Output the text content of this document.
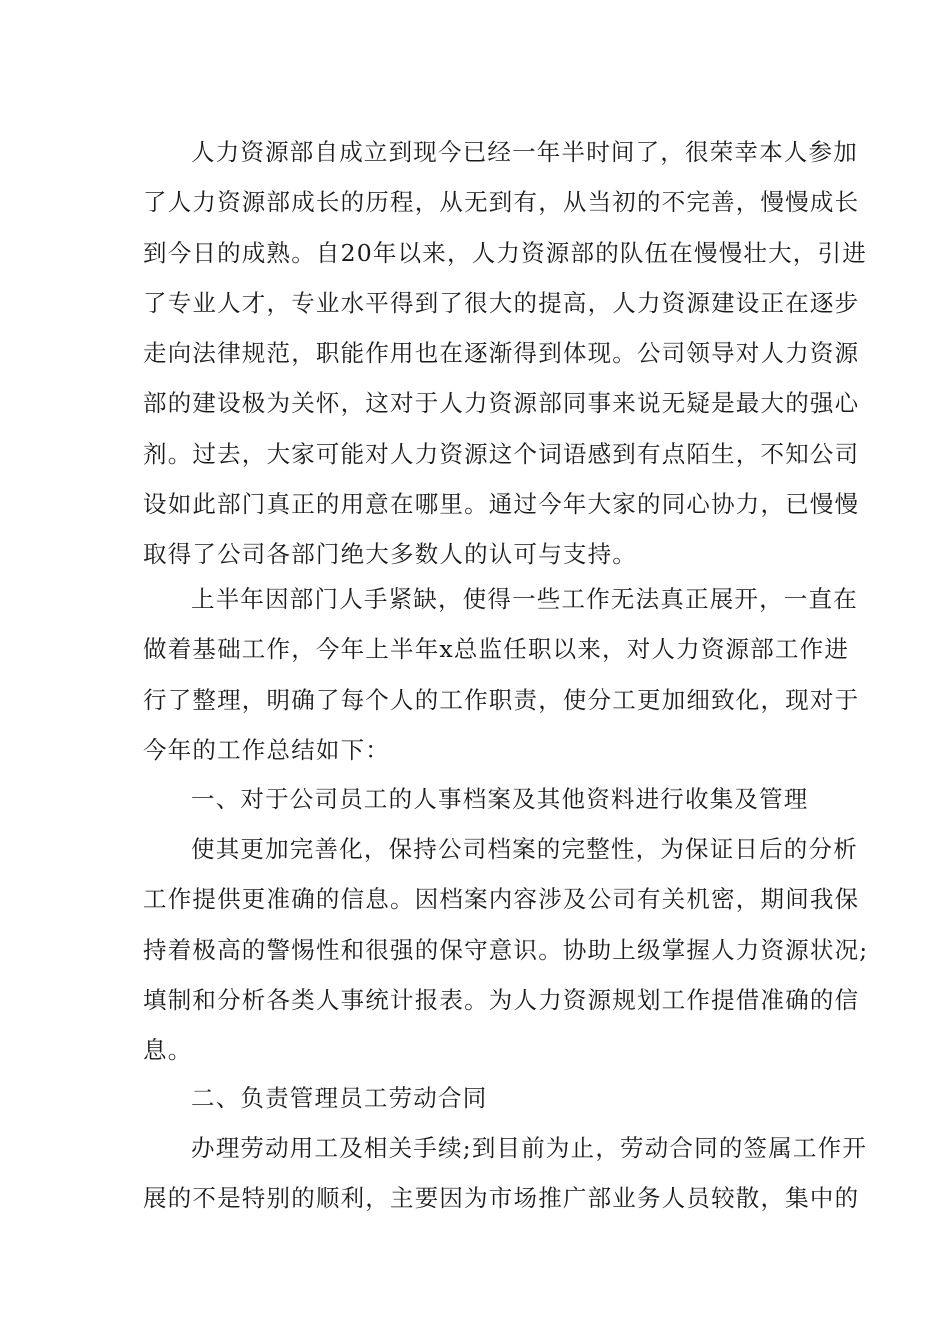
人力资源部自成立到现今已经一年半时间了，很荣幸本人参加
了人力资源部成长的历程，从无到有，从当初的不完善，慢慢成长
到今日的成熟。自20年以来，人力资源部的队伍在慢慢壮大，引进
了专业人才，专业水平得到了很大的提高，人力资源建设正在逐步
走向法律规范，职能作用也在逐渐得到体现。公司领导对人力资源
部的建设极为关怀，这对于人力资源部同事来说无疑是最大的强心
剂。过去，大家可能对人力资源这个词语感到有点陌生，不知公司
设如此部门真正的用意在哪里。通过今年大家的同心协力，已慢慢
取得了公司各部门绝大多数人的认可与支持。
上半年因部门人手紧缺，使得一些工作无法真正展开，一直在
做着基础工作，今年上半年x总监任职以来，对人力资源部工作进
行了整理，明确了每个人的工作职责，使分工更加细致化，现对于
今年的工作总结如下：
一、对于公司员工的人事档案及其他资料进行收集及管理
使其更加完善化，保持公司档案的完整性，为保证日后的分析
工作提供更准确的信息。因档案内容涉及公司有关机密，期间我保
持着极高的警惕性和很强的保守意识。协助上级掌握人力资源状况;
填制和分析各类人事统计报表。为人力资源规划工作提借准确的信
息。
二、负责管理员工劳动合同
办理劳动用工及相关手续;到目前为止，劳动合同的签属工作开
展的不是特别的顺利，主要因为市场推广部业务人员较散，集中的
